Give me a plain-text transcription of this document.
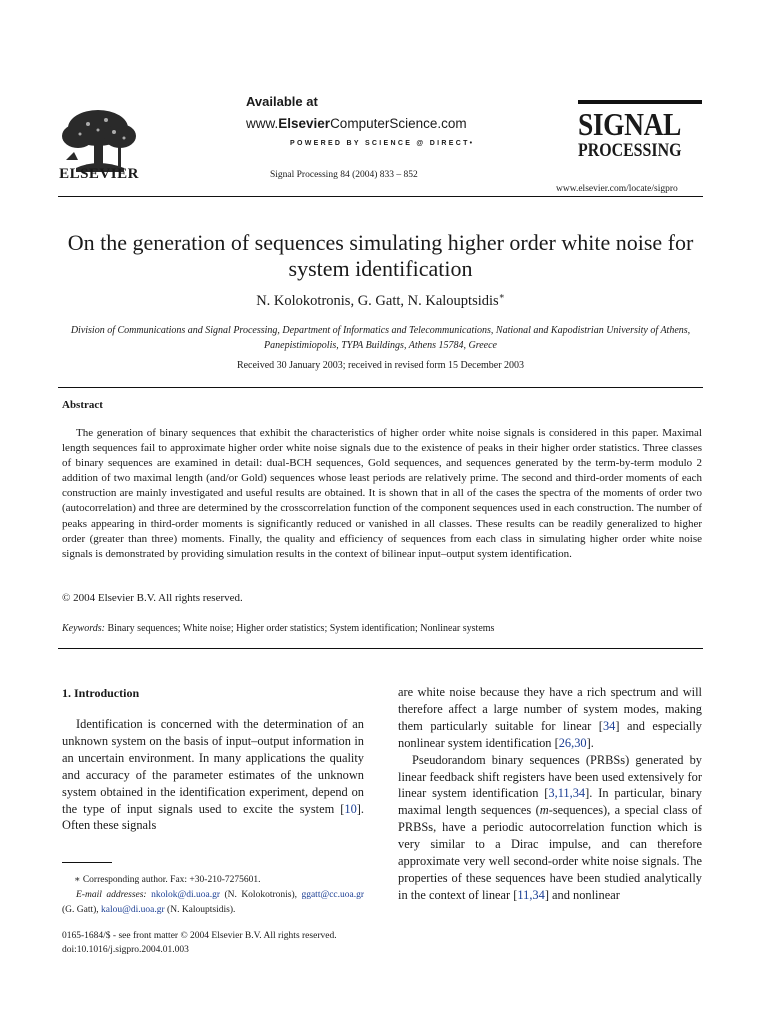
ELSEVIER
Available at
www.ElsevierComputerScience.com
POWERED BY SCIENCE @ DIRECT•
Signal Processing 84 (2004) 833 – 852
SIGNAL
PROCESSING
www.elsevier.com/locate/sigpro
On the generation of sequences simulating higher order white noise for system identification
N. Kolokotronis, G. Gatt, N. Kalouptsidis∗
Division of Communications and Signal Processing, Department of Informatics and Telecommunications, National and Kapodistrian University of Athens, Panepistimiopolis, TYPA Buildings, Athens 15784, Greece
Received 30 January 2003; received in revised form 15 December 2003
Abstract
The generation of binary sequences that exhibit the characteristics of higher order white noise signals is considered in this paper. Maximal length sequences fail to approximate higher order white noise signals due to the existence of peaks in their higher order statistics. Three classes of binary sequences are examined in detail: dual-BCH sequences, Gold sequences, and sequences generated by the term-by-term modulo 2 addition of two maximal length (and/or Gold) sequences whose least periods are relatively prime. The second and third-order moments of each construction are mainly investigated and useful results are obtained. It is shown that in all of the cases the spectra of the moments of order two (autocorrelation) and three are determined by the crosscorrelation function of the component sequences used in each construction. The number of peaks appearing in third-order moments is significantly reduced or vanished in all classes. These results can be readily generalized to higher order (greater than three) moments. Finally, the quality and efficiency of sequences from each class in simulating higher order white noise signals is demonstrated by providing simulation results in the context of bilinear input–output system identification.
© 2004 Elsevier B.V. All rights reserved.
Keywords: Binary sequences; White noise; Higher order statistics; System identification; Nonlinear systems
1. Introduction
Identification is concerned with the determination of an unknown system on the basis of input–output information in an uncertain environment. In many applications the quality and accuracy of the parameter estimates of the unknown system obtained in the identification experiment, depend on the type of input signals used to excite the system [10]. Often these signals

are white noise because they have a rich spectrum and will therefore affect a large number of system modes, making them particularly suitable for linear [34] and especially nonlinear system identification [26,30].

Pseudorandom binary sequences (PRBSs) generated by linear feedback shift registers have been used extensively for linear system identification [3,11,34]. In particular, binary maximal length sequences (m-sequences), a special class of PRBSs, have a periodic autocorrelation function which is very similar to a Dirac impulse, and can therefore approximate very well second-order white noise signals. The properties of these sequences have been studied analytically in the context of linear [11,34] and nonlinear

∗ Corresponding author. Fax: +30-210-7275601.
E-mail addresses: nkolok@di.uoa.gr (N. Kolokotronis), ggatt@cc.uoa.gr (G. Gatt), kalou@di.uoa.gr (N. Kalouptsidis).
0165-1684/$ - see front matter © 2004 Elsevier B.V. All rights reserved.
doi:10.1016/j.sigpro.2004.01.003
